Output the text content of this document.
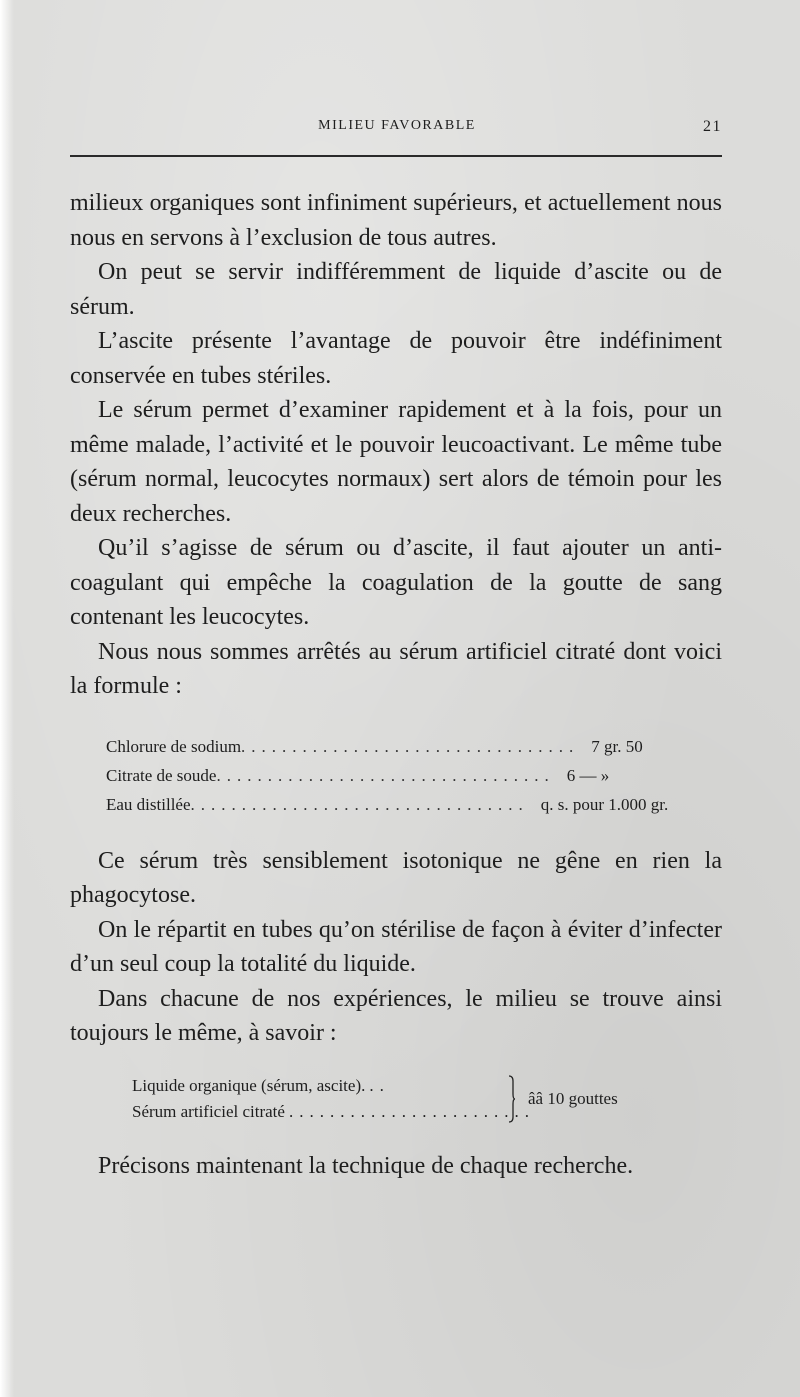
MILIEU FAVORABLE	21

milieux organiques sont infiniment supérieurs, et actuellement nous nous en servons à l’exclusion de tous autres.

On peut se servir indifféremment de liquide d’ascite ou de sérum.

L’ascite présente l’avantage de pouvoir être indéfiniment conservée en tubes stériles.

Le sérum permet d’examiner rapidement et à la fois, pour un même malade, l’activité et le pouvoir leucoactivant. Le même tube (sérum normal, leucocytes normaux) sert alors de témoin pour les deux recherches.

Qu’il s’agisse de sérum ou d’ascite, il faut ajouter un anti-coagulant qui empêche la coagulation de la goutte de sang contenant les leucocytes.

Nous nous sommes arrêtés au sérum artificiel citraté dont voici la formule :

Chlorure de sodium ................................. 7 gr. 50
Citrate de soude ................................. 6 — »
Eau distillée ................................. q. s. pour 1.000 gr.

Ce sérum très sensiblement isotonique ne gêne en rien la phagocytose.

On le répartit en tubes qu’on stérilise de façon à éviter d’infecter d’un seul coup la totalité du liquide.

Dans chacune de nos expériences, le milieu se trouve ainsi toujours le même, à savoir :

Liquide organique (sérum, ascite). ..
Sérum artificiel citraté ........................
ââ 10 gouttes

Précisons maintenant la technique de chaque recherche.
